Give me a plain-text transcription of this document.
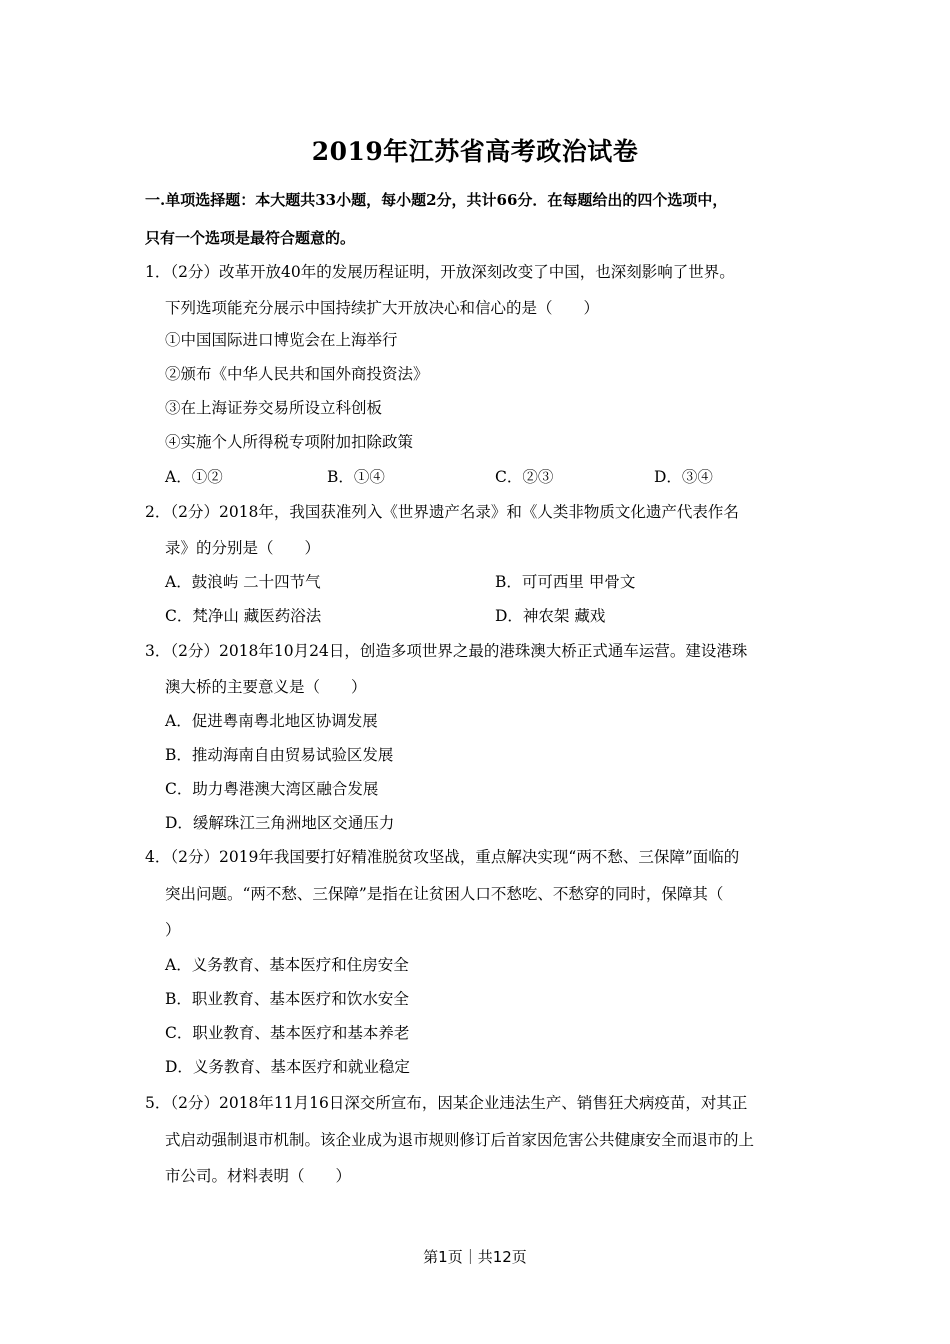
2019年江苏省高考政治试卷
一.单项选择题：本大题共33小题，每小题2分，共计66分．在每题给出的四个选项中，
只有一个选项是最符合题意的。
1．（2分）改革开放40年的发展历程证明，开放深刻改变了中国，也深刻影响了世界。
下列选项能充分展示中国持续扩大开放决心和信心的是（　　）
①中国国际进口博览会在上海举行
②颁布《中华人民共和国外商投资法》
③在上海证券交易所设立科创板
④实施个人所得税专项附加扣除政策
A．①②	B．①④	C．②③	D．③④
2．（2分）2018年，我国获准列入《世界遗产名录》和《人类非物质文化遗产代表作名
录》的分别是（　　）
A．鼓浪屿 二十四节气	B．可可西里 甲骨文
C．梵净山 藏医药浴法	D．神农架 藏戏
3．（2分）2018年10月24日，创造多项世界之最的港珠澳大桥正式通车运营。建设港珠
澳大桥的主要意义是（　　）
A．促进粤南粤北地区协调发展
B．推动海南自由贸易试验区发展
C．助力粤港澳大湾区融合发展
D．缓解珠江三角洲地区交通压力
4．（2分）2019年我国要打好精准脱贫攻坚战，重点解决实现“两不愁、三保障”面临的
突出问题。“两不愁、三保障”是指在让贫困人口不愁吃、不愁穿的同时，保障其（
）
A．义务教育、基本医疗和住房安全
B．职业教育、基本医疗和饮水安全
C．职业教育、基本医疗和基本养老
D．义务教育、基本医疗和就业稳定
5．（2分）2018年11月16日深交所宣布，因某企业违法生产、销售狂犬病疫苗，对其正
式启动强制退市机制。该企业成为退市规则修订后首家因危害公共健康安全而退市的上
市公司。材料表明（　　）
第1页｜共12页
